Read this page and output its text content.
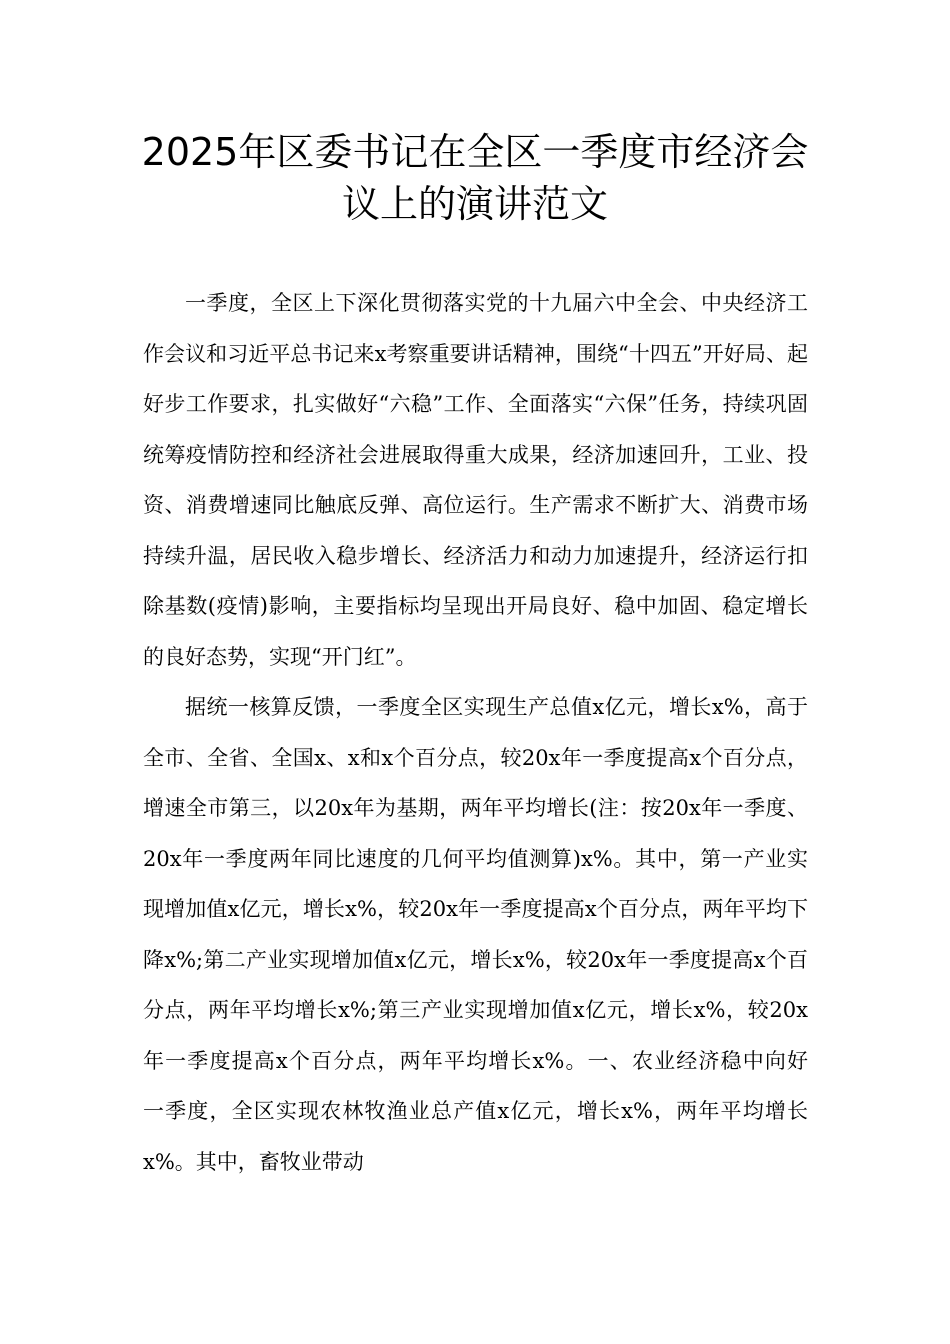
2025年区委书记在全区一季度市经济会
议上的演讲范文

一季度，全区上下深化贯彻落实党的十九届六中全会、中央经济工作会议和习近平总书记来x考察重要讲话精神，围绕“十四五”开好局、起好步工作要求，扎实做好“六稳”工作、全面落实“六保”任务，持续巩固统筹疫情防控和经济社会进展取得重大成果，经济加速回升，工业、投资、消费增速同比触底反弹、高位运行。生产需求不断扩大、消费市场持续升温，居民收入稳步增长、经济活力和动力加速提升，经济运行扣除基数(疫情)影响，主要指标均呈现出开局良好、稳中加固、稳定增长的良好态势，实现“开门红”。

据统一核算反馈，一季度全区实现生产总值x亿元，增长x%，高于全市、全省、全国x、x和x个百分点，较20x年一季度提高x个百分点，增速全市第三，以20x年为基期，两年平均增长(注：按20x年一季度、20x年一季度两年同比速度的几何平均值测算)x%。其中，第一产业实现增加值x亿元，增长x%，较20x年一季度提高x个百分点，两年平均下降x%;第二产业实现增加值x亿元，增长x%，较20x年一季度提高x个百分点，两年平均增长x%;第三产业实现增加值x亿元，增长x%，较20x年一季度提高x个百分点，两年平均增长x%。一、农业经济稳中向好　　一季度，全区实现农林牧渔业总产值x亿元，增长x%，两年平均增长x%。其中，畜牧业带动
